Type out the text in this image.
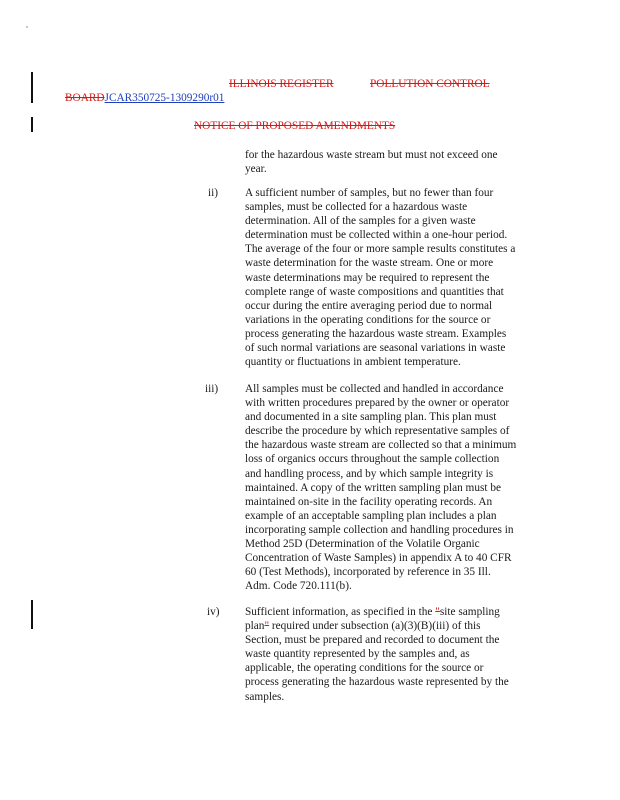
ILLINOIS REGISTER	POLLUTION CONTROL
BOARDJCAR350725-1309290r01
NOTICE OF PROPOSED AMENDMENTS
for the hazardous waste stream but must not exceed one
year.
ii) A sufficient number of samples, but no fewer than four
samples, must be collected for a hazardous waste
determination. All of the samples for a given waste
determination must be collected within a one-hour period.
The average of the four or more sample results constitutes a
waste determination for the waste stream. One or more
waste determinations may be required to represent the
complete range of waste compositions and quantities that
occur during the entire averaging period due to normal
variations in the operating conditions for the source or
process generating the hazardous waste stream. Examples
of such normal variations are seasonal variations in waste
quantity or fluctuations in ambient temperature.
iii) All samples must be collected and handled in accordance
with written procedures prepared by the owner or operator
and documented in a site sampling plan. This plan must
describe the procedure by which representative samples of
the hazardous waste stream are collected so that a minimum
loss of organics occurs throughout the sample collection
and handling process, and by which sample integrity is
maintained. A copy of the written sampling plan must be
maintained on-site in the facility operating records. An
example of an acceptable sampling plan includes a plan
incorporating sample collection and handling procedures in
Method 25D (Determination of the Volatile Organic
Concentration of Waste Samples) in appendix A to 40 CFR
60 (Test Methods), incorporated by reference in 35 Ill.
Adm. Code 720.111(b).
iv) Sufficient information, as specified in the "site sampling
plan" required under subsection (a)(3)(B)(iii) of this
Section, must be prepared and recorded to document the
waste quantity represented by the samples and, as
applicable, the operating conditions for the source or
process generating the hazardous waste represented by the
samples.
